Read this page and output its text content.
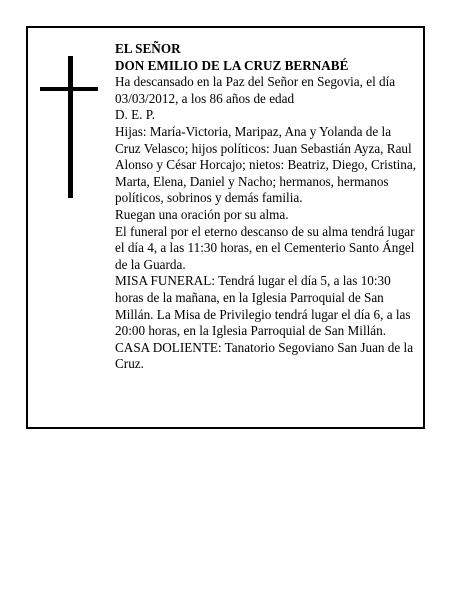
EL SEÑOR

DON EMILIO DE LA CRUZ BERNABÉ

Ha descansado en la Paz del Señor en Segovia, el día 03/03/2012, a los 86 años de edad

D. E. P.

Hijas: María-Victoria, Maripaz, Ana y Yolanda de la Cruz Velasco; hijos políticos: Juan Sebastián Ayza, Raul Alonso y César Horcajo; nietos: Beatriz, Diego, Cristina, Marta, Elena, Daniel y Nacho; hermanos, hermanos políticos, sobrinos y demás familia.

Ruegan una oración por su alma.

El funeral por el eterno descanso de su alma tendrá lugar el día 4, a las 11:30 horas, en el Cementerio Santo Ángel de la Guarda.

MISA FUNERAL: Tendrá lugar el día 5, a las 10:30 horas de la mañana, en la Iglesia Parroquial de San Millán. La Misa de Privilegio tendrá lugar el día 6, a las 20:00 horas, en la Iglesia Parroquial de San Millán.

CASA DOLIENTE: Tanatorio Segoviano San Juan de la Cruz.
